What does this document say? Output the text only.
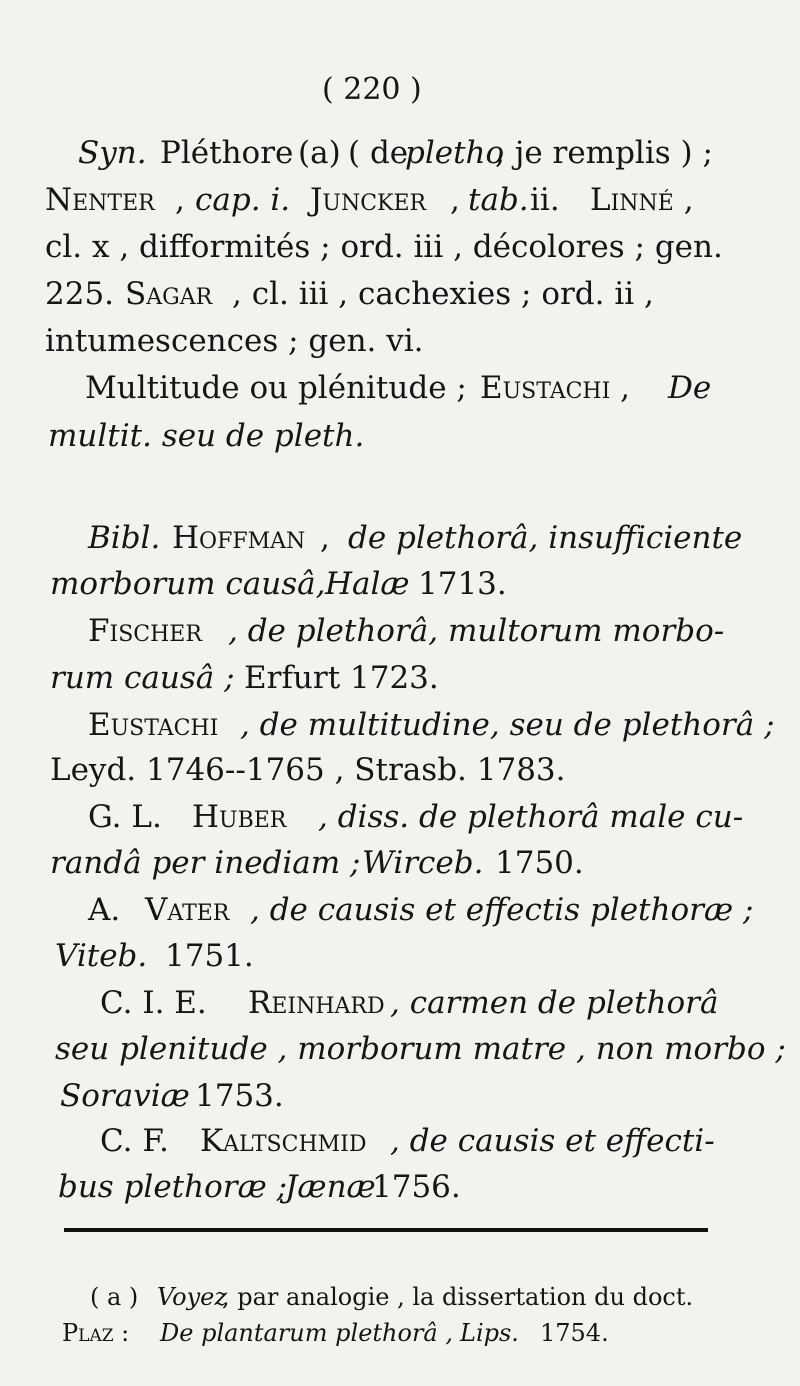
( 220 )
Syn. Pléthore (a) ( de
pletho
, je remplis ) ;
Nenter , cap. i. Juncker , tab. ii. Linné ,
cl. x , difformités ; ord. iii , décolores ; gen.
225. Sagar , cl. iii , cachexies ; ord. ii ,
intumescences ; gen. vi.
Multitude ou plénitude ; Eustachi , De
multit. seu de pleth.
Bibl. Hoffman , de plethorâ, insufficiente
morborum causâ, Halæ 1713.
Fischer , de plethorâ, multorum morbo-
rum causâ ; Erfurt 1723.
Eustachi , de multitudine, seu de plethorâ ;
Leyd. 1746--1765 , Strasb. 1783.
G. L. Huber , diss. de plethorâ male cu-
randâ per inediam ; Wirceb. 1750.
A. Vater , de causis et effectis plethoræ ;
Viteb. 1751.
C. I. E. Reinhard , carmen de plethorâ
seu plenitude , morborum matre , non morbo ;
Soraviæ 1753.
C. F. Kaltschmid , de causis et effecti-
bus plethoræ ;
Jænæ
1756.
( a ) Voyez
, par analogie , la dissertation du doct.
Plaz : De plantarum plethorâ , Lips. 1754.
